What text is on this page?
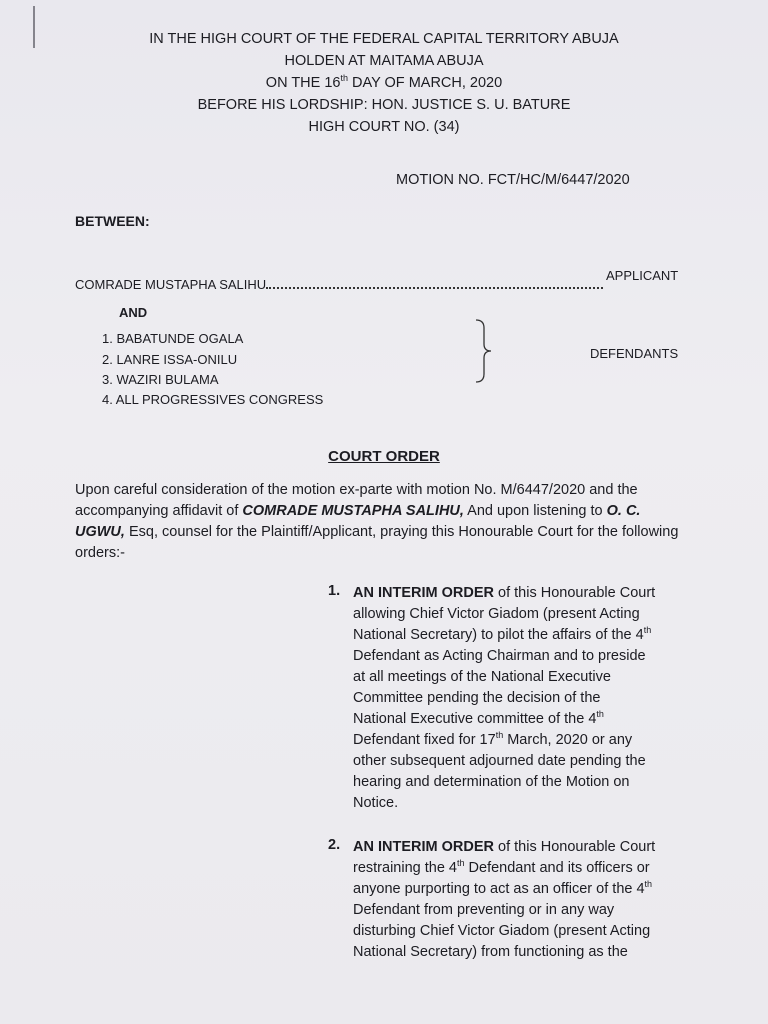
IN THE HIGH COURT OF THE FEDERAL CAPITAL TERRITORY ABUJA
HOLDEN AT MAITAMA ABUJA
ON THE 16th DAY OF MARCH, 2020
BEFORE HIS LORDSHIP: HON. JUSTICE S. U. BATURE
HIGH COURT NO. (34)
MOTION NO. FCT/HC/M/6447/2020
BETWEEN:
COMRADE MUSTAPHA SALIHU
APPLICANT
AND
1. BABATUNDE OGALA
2. LANRE ISSA-ONILU
3. WAZIRI BULAMA
4. ALL PROGRESSIVES CONGRESS
DEFENDANTS
COURT ORDER
Upon careful consideration of the motion ex-parte with motion No. M/6447/2020 and the accompanying affidavit of COMRADE MUSTAPHA SALIHU, And upon listening to O. C. UGWU, Esq, counsel for the Plaintiff/Applicant, praying this Honourable Court for the following orders:-
1. AN INTERIM ORDER of this Honourable Court
allowing Chief Victor Giadom (present Acting
National Secretary) to pilot the affairs of the 4th
Defendant as Acting Chairman and to preside
at all meetings of the National Executive
Committee pending the decision of the
National Executive committee of the 4th
Defendant fixed for 17th March, 2020 or any
other subsequent adjourned date pending the
hearing and determination of the Motion on
Notice.
2. AN INTERIM ORDER of this Honourable Court
restraining the 4th Defendant and its officers or
anyone purporting to act as an officer of the 4th
Defendant from preventing or in any way
disturbing Chief Victor Giadom (present Acting
National Secretary) from functioning as the
